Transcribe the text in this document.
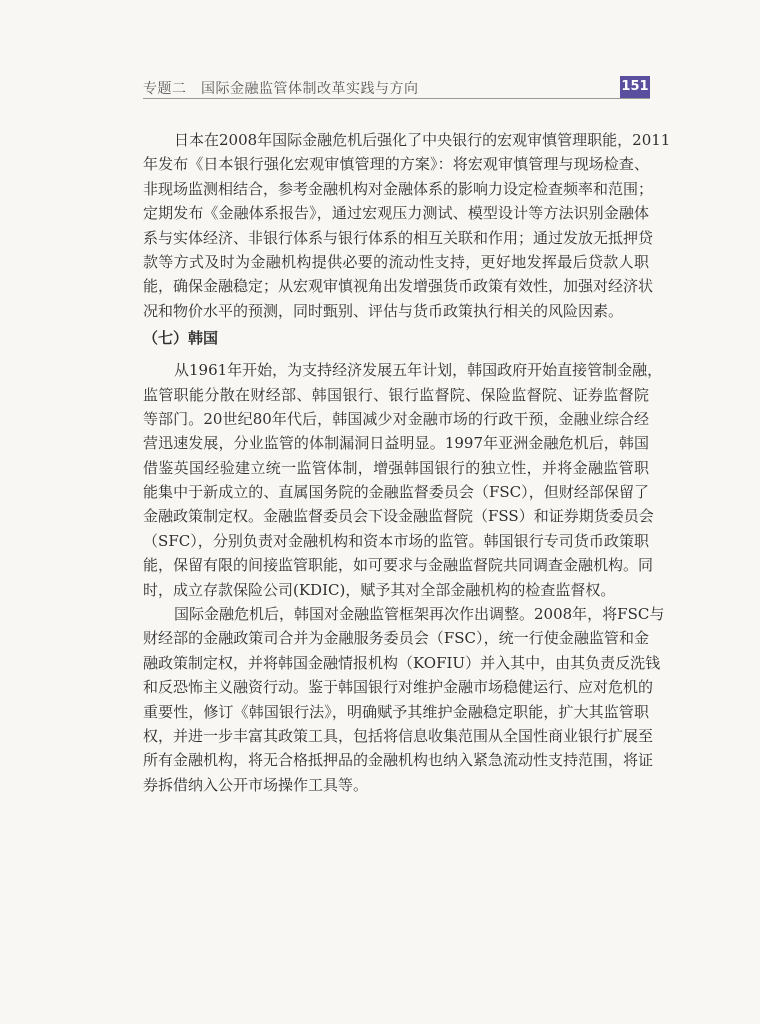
专题二　国际金融监管体制改革实践与方向	151
日本在2008年国际金融危机后强化了中央银行的宏观审慎管理职能，2011
年发布《日本银行强化宏观审慎管理的方案》：将宏观审慎管理与现场检查、
非现场监测相结合，参考金融机构对金融体系的影响力设定检查频率和范围；
定期发布《金融体系报告》，通过宏观压力测试、模型设计等方法识别金融体
系与实体经济、非银行体系与银行体系的相互关联和作用；通过发放无抵押贷
款等方式及时为金融机构提供必要的流动性支持，更好地发挥最后贷款人职
能，确保金融稳定；从宏观审慎视角出发增强货币政策有效性，加强对经济状
况和物价水平的预测，同时甄别、评估与货币政策执行相关的风险因素。
（七）韩国
从1961年开始，为支持经济发展五年计划，韩国政府开始直接管制金融，
监管职能分散在财经部、韩国银行、银行监督院、保险监督院、证券监督院
等部门。20世纪80年代后，韩国减少对金融市场的行政干预，金融业综合经
营迅速发展，分业监管的体制漏洞日益明显。1997年亚洲金融危机后，韩国
借鉴英国经验建立统一监管体制，增强韩国银行的独立性，并将金融监管职
能集中于新成立的、直属国务院的金融监督委员会（FSC），但财经部保留了
金融政策制定权。金融监督委员会下设金融监督院（FSS）和证券期货委员会
（SFC），分别负责对金融机构和资本市场的监管。韩国银行专司货币政策职
能，保留有限的间接监管职能，如可要求与金融监督院共同调查金融机构。同
时，成立存款保险公司(KDIC)，赋予其对全部金融机构的检查监督权。
国际金融危机后，韩国对金融监管框架再次作出调整。2008年，将FSC与
财经部的金融政策司合并为金融服务委员会（FSC），统一行使金融监管和金
融政策制定权，并将韩国金融情报机构（KOFIU）并入其中，由其负责反洗钱
和反恐怖主义融资行动。鉴于韩国银行对维护金融市场稳健运行、应对危机的
重要性，修订《韩国银行法》，明确赋予其维护金融稳定职能，扩大其监管职
权，并进一步丰富其政策工具，包括将信息收集范围从全国性商业银行扩展至
所有金融机构，将无合格抵押品的金融机构也纳入紧急流动性支持范围，将证
券拆借纳入公开市场操作工具等。
